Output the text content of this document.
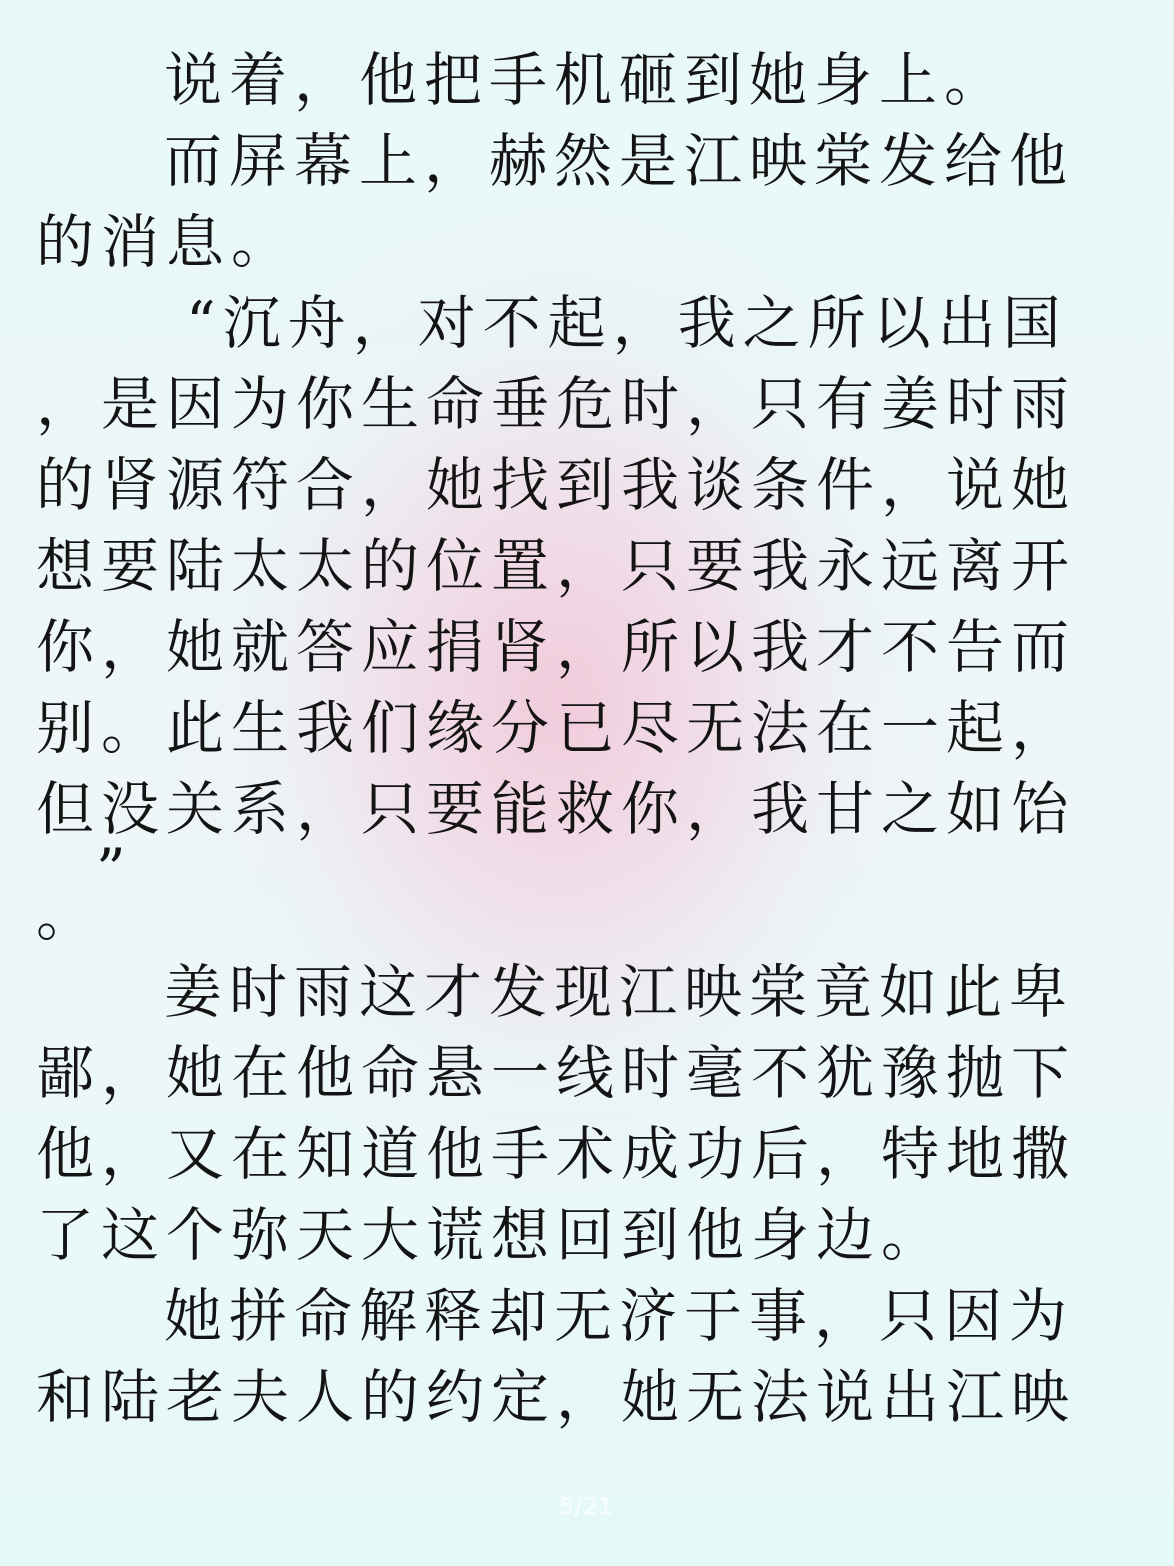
说着，他把手机砸到她身上。
而屏幕上，赫然是江映棠发给他
的消息。
“沉舟，对不起，我之所以出国
，是因为你生命垂危时，只有姜时雨
的肾源符合，她找到我谈条件，说她
想要陆太太的位置，只要我永远离开
你，她就答应捐肾，所以我才不告而
别。此生我们缘分已尽无法在一起，
但没关系，只要能救你，我甘之如饴
”
。
姜时雨这才发现江映棠竟如此卑
鄙，她在他命悬一线时毫不犹豫抛下
他，又在知道他手术成功后，特地撒
了这个弥天大谎想回到他身边。
她拼命解释却无济于事，只因为
和陆老夫人的约定，她无法说出江映
5/21
